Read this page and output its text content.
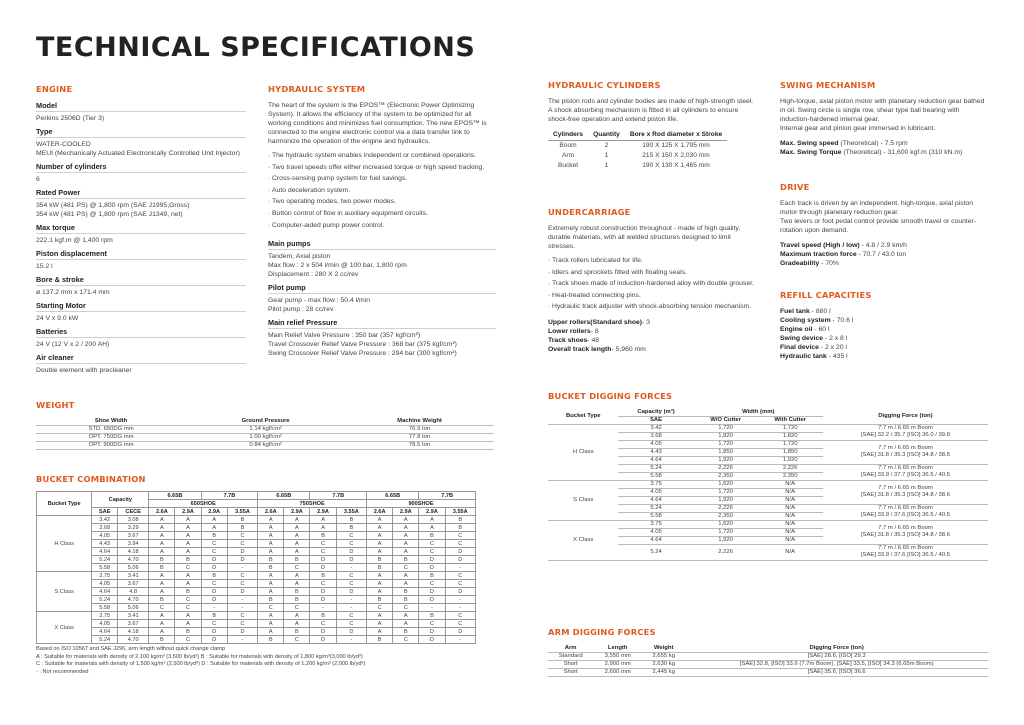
TECHNICAL SPECIFICATIONS
ENGINE
Model
Perkins 2506D (Tier 3)
Type
WATER-COOLED
MEUI (Mechanically Actuated Electronically Controlled Unit Injector)
Number of cylinders
6
Rated Power
354 kW (481 PS) @ 1,800 rpm (SAE J1995,Gross)
354 kW (481 PS) @ 1,800 rpm (SAE J1349, net)
Max torque
222.1 kgf.m @ 1,400 rpm
Piston displacement
15.2 l
Bore & stroke
ø 137.2 mm x 171.4 mm
Starting Motor
24 V x 9.0 kW
Batteries
24 V (12 V x 2 / 200 AH)
Air cleaner
Double element with precleaner
HYDRAULIC SYSTEM
The heart of the system is the EPOS™ (Electronic Power Optimizing System). It allows the efficiency of the system to be optimized for all working conditions and minimizes fuel consumption. The new EPOS™ is connected to the engine electronic control via a data transfer link to harmonize the operation of the engine and hydraulics.
· The hydraulic system enables independent or combined operations.
· Two travel speeds offer either increased torque or high speed tracking.
· Cross-sensing pump system for fuel savings.
· Auto deceleration system.
· Two operating modes, two power modes.
· Button control of flow in auxiliary equipment circuits.
· Computer-aided pump power control.
Main pumps
Tandem, Axial piston
Max flow : 2 x 504 l/min @ 100 bar, 1,800 rpm
Displacement : 280 X 2 cc/rev
Pilot pump
Gear pump - max flow : 50.4 l/min
Pilot pump : 28 cc/rev
Main relief Pressure
Main Relief Valve Pressure : 350 bar (357 kgf/cm²)
Travel Crossover Relief Valve Pressure : 368 bar (375 kgf/cm²)
Swing Crossover Relief Valve Pressure : 294 bar (300 kgf/cm²)
WEIGHT
Shoe Width	Ground Pressure	Machine Weight
STD. 650DG mm	1.14 kgf/cm²	76.9 ton
OPT. 750DG mm	1.00 kgf/cm²	77.8 ton
OPT. 900DG mm	0.84 kgf/cm²	78.5 ton
BUCKET COMBINATION
Bucket Type	Capacity		6.65B		7.7B		6.65B		7.7B		6.65B		7.7B	
			650SHOE				750SHOE				900SHOE			
	SAE	CECE	2.6A	2.9A	2.9A	3.55A	2.6A	2.9A	2.9A	3.55A	2.6A	2.9A	2.9A	3.55A

H Class	3.42	3.08	A	A	A	B	A	A	A	B	A	A	A	B
	3.68	3.29	A	A	A	B	A	A	A	B	A	A	A	B
	4.05	3.67	A	A	B	C	A	A	B	C	A	A	B	C
	4.43	3.94	A	A	C	C	A	A	C	C	A	A	C	C
	4.64	4.18	A	A	C	D	A	A	C	D	A	A	C	D
	5.24	4.70	B	B	D	D	B	B	D	D	B	B	D	D
	5.58	5.06	B	C	D	-	B	C	D	-	B	C	D	-
S Class	3.75	3.41	A	A	B	C	A	A	B	C	A	A	B	C
	4.05	3.67	A	A	C	C	A	A	C	C	A	A	C	C
	4.64	4.8	A	B	D	D	A	B	D	D	A	B	D	D
	5.24	4.70	B	C	D	-	B	B	D	-	B	B	D	-
	5.58	5.06	C	C	-	-	C	C	-	-	C	C	-	-
X Class	3.75	3.41	A	A	B	C	A	A	B	C	A	A	B	C
	4.05	3.67	A	A	C	C	A	A	C	C	A	A	C	C
	4.64	4.18	A	B	D	D	A	B	D	D	A	B	D	D
	5.24	4.70	B	C	D	-	B	C	D	-	B	C	D	-
Based on ISO 10567 and SAE J296, arm length without quick change clamp
A : Suitable for materials with density of 2,100 kg/m³ (3,500 lb/yd³) B : Suitable for materials with density of 1,800 kg/m³(3,000 lb/yd³)
C : Suitable for materials with density of 1,500 kg/m³ (2,500 lb/yd³) D : Suitable for materials with density of 1,200 kg/m³ (2,000 lb/yd³)
- : Not recommended
HYDRAULIC CYLINDERS
The piston rods and cylinder bodies are made of high-strength steel. A shock absorbing mechanism is fitted in all cylinders to ensure shock-free operation and extend piston life.
Cylinders	Quantity	Bore x Rod diameter x Stroke
Boom	2	190 X 125 X 1,795 mm
Arm	1	215 X 150 X 2,030 mm
Bucket	1	190 X 130 X 1,465 mm
UNDERCARRIAGE
Extremely robust construction throughout - made of high quality, durable materials, with all welded structures designed to limit stresses.
· Track rollers lubricated for life.
· Idlers and sprockets fitted with floating seals.
· Track shoes made of induction-hardened alloy with double grouser.
· Heat-treated connecting pins.
· Hydraulic track adjuster with shock-absorbing tension mechanism.
Upper rollers(Standard shoe)- 3
Lower rollers- 8
Track shoes- 48
Overall track length- 5,960 mm
SWING MECHANISM
High-torque, axial piston motor with planetary reduction gear bathed in oil. Swing circle is single row, shear type ball bearing with induction-hardened internal gear.
Internal gear and pinion gear immersed in lubricant.
Max. Swing speed (Theoretical) - 7.5 rpm
Max. Swing Torque (Theoretical) - 31,600 kgf.m (310 kN.m)
DRIVE
Each track is driven by an independent, high-torque, axial piston motor through planetary reduction gear.
Two levers or foot pedal control provide smooth travel or counter-rotation upon demand.
Travel speed (High / low) - 4.8 / 2.9 km/h
Maximum traction force - 70.7 / 43.0 ton
Gradeability - 70%
REFILL CAPACITIES
Fuel tank - 880 l
Cooling system - 70.6 l
Engine oil - 60 l
Swing device - 2 x 8 l
Final device - 2 x 20 l
Hydraulic tank - 435 l
BUCKET DIGGING FORCES
Bucket Type	Capacity (m³)	Width (mm)		Digging Force (ton)
	SAE	W/O Cutter	With Cutter	
H Class	3.42	1,720	1,720	7.7 m / 6.65 m Boom
[SAE] 32.2 / 35.7 [ISO] 36.0 / 39.8
	3.68	1,820	1,820	
	4.05	1,720	1,720	7.7 m / 6.65 m Boom
[SAE] 31.8 / 35.3 [ISO] 34.8 / 38.5
	4.43	1,850	1,850	
	4.64	1,920	1,920	
	5.24	2,226	2,226	7.7 m / 6.65 m Boom
[SAE] 33.9 / 37.7 [ISO] 36.5 / 40.5
	5.58	2,350	2,350	
S Class	3.75	1,620	N/A	7.7 m / 6.65 m Boom
[SAE] 31.8 / 35.3 [ISO] 34.8 / 38.6
	4.05	1,720	N/A	
	4.64	1,920	N/A	
	5.24	2,226	N/A	7.7 m / 6.65 m Boom
[SAE] 33.9 / 37.6 [ISO] 36.5 / 40.5
	5.58	2,350	N/A	
X Class	3.75	1,620	N/A	7.7 m / 6.65 m Boom
[SAE] 31.8 / 35.3 [ISO] 34.8 / 38.6
	4.05	1,720	N/A	
	4.64	1,920	N/A	
	5.24	2,226	N/A	7.7 m / 6.65 m Boom
[SAE] 33.9 / 37.6 [ISO] 36.5 / 40.5
ARM DIGGING FORCES
Arm	Length	Weight	Digging Force (ton)
Standard	3,550 mm	2,655 kg	[SAE] 28.6, [ISO] 29.3
Short	2,900 mm	2,630 kg	[SAE] 32.8, [ISO] 33.6 (7.7m Boom), [SAE] 33.5, [ISO] 34.3 (6.65m Boom)
Short	2,600 mm	2,445 kg	[SAE] 35.6, [ISO] 36.6
